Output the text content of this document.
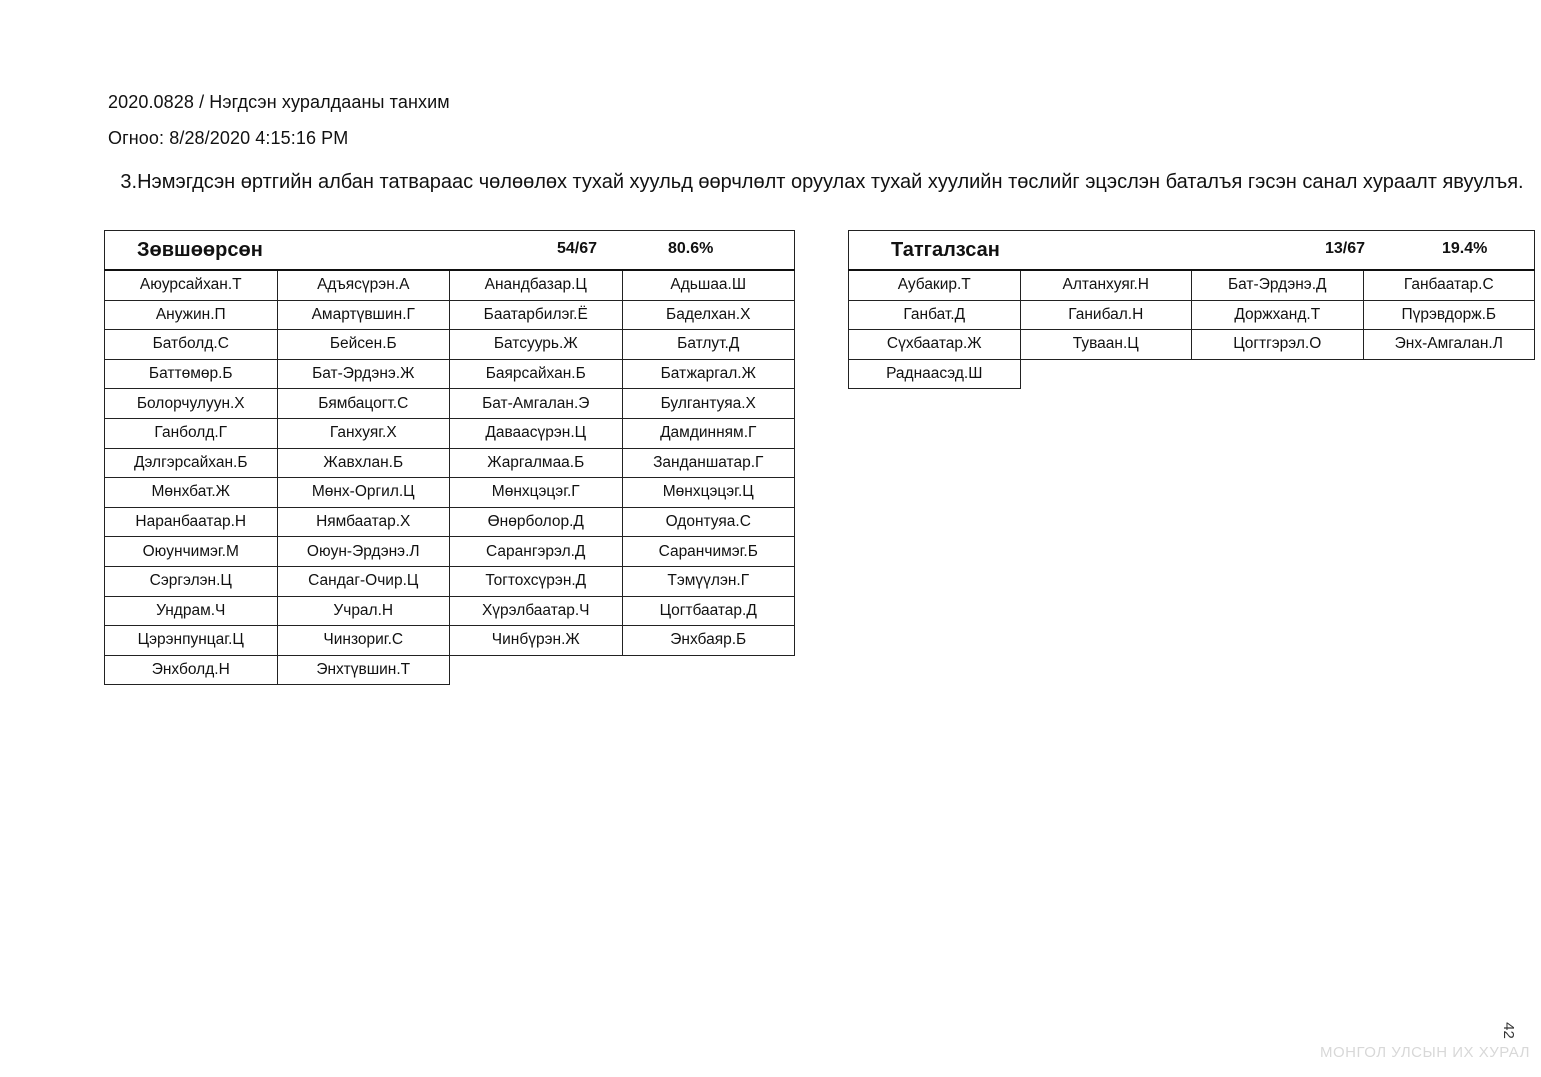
2020.0828 / Нэгдсэн хуралдааны танхим
Огноо: 8/28/2020 4:15:16 PM
3.Нэмэгдсэн өртгийн албан татвараас чөлөөлөх тухай хуульд өөрчлөлт оруулах тухай хуулийн төслийг эцэслэн баталъя гэсэн санал хураалт явуулъя.
Зөвшөөрсөн 54/67 80.6%			

Аюурсайхан.Т	Адъясүрэн.А	Анандбазар.Ц	Адьшаа.Ш
Анужин.П	Амартүвшин.Г	Баатарбилэг.Ё	Баделхан.Х
Батболд.С	Бейсен.Б	Батсуурь.Ж	Батлут.Д
Баттөмөр.Б	Бат-Эрдэнэ.Ж	Баярсайхан.Б	Батжаргал.Ж
Болорчулуун.Х	Бямбацогт.С	Бат-Амгалан.Э	Булгантуяа.Х
Ганболд.Г	Ганхуяг.Х	Даваасүрэн.Ц	Дамдинням.Г
Дэлгэрсайхан.Б	Жавхлан.Б	Жаргалмаа.Б	Занданшатар.Г
Мөнхбат.Ж	Мөнх-Оргил.Ц	Мөнхцэцэг.Г	Мөнхцэцэг.Ц
Наранбаатар.Н	Нямбаатар.Х	Өнөрболор.Д	Одонтуяа.С
Оюунчимэг.М	Оюун-Эрдэнэ.Л	Сарангэрэл.Д	Саранчимэг.Б
Сэргэлэн.Ц	Сандаг-Очир.Ц	Тогтохсүрэн.Д	Тэмүүлэн.Г
Ундрам.Ч	Учрал.Н	Хүрэлбаатар.Ч	Цогтбаатар.Д
Цэрэнпунцаг.Ц	Чинзориг.С	Чинбүрэн.Ж	Энхбаяр.Б
Энхболд.Н	Энхтүвшин.Т		
Татгалзсан 13/67 19.4%			

Аубакир.Т	Алтанхуяг.Н	Бат-Эрдэнэ.Д	Ганбаатар.С
Ганбат.Д	Ганибал.Н	Доржханд.Т	Пүрэвдорж.Б
Сүхбаатар.Ж	Туваан.Ц	Цогтгэрэл.О	Энх-Амгалан.Л
Раднаасэд.Ш			
МОНГОЛ УЛСЫН ИХ ХУРАЛ
42
